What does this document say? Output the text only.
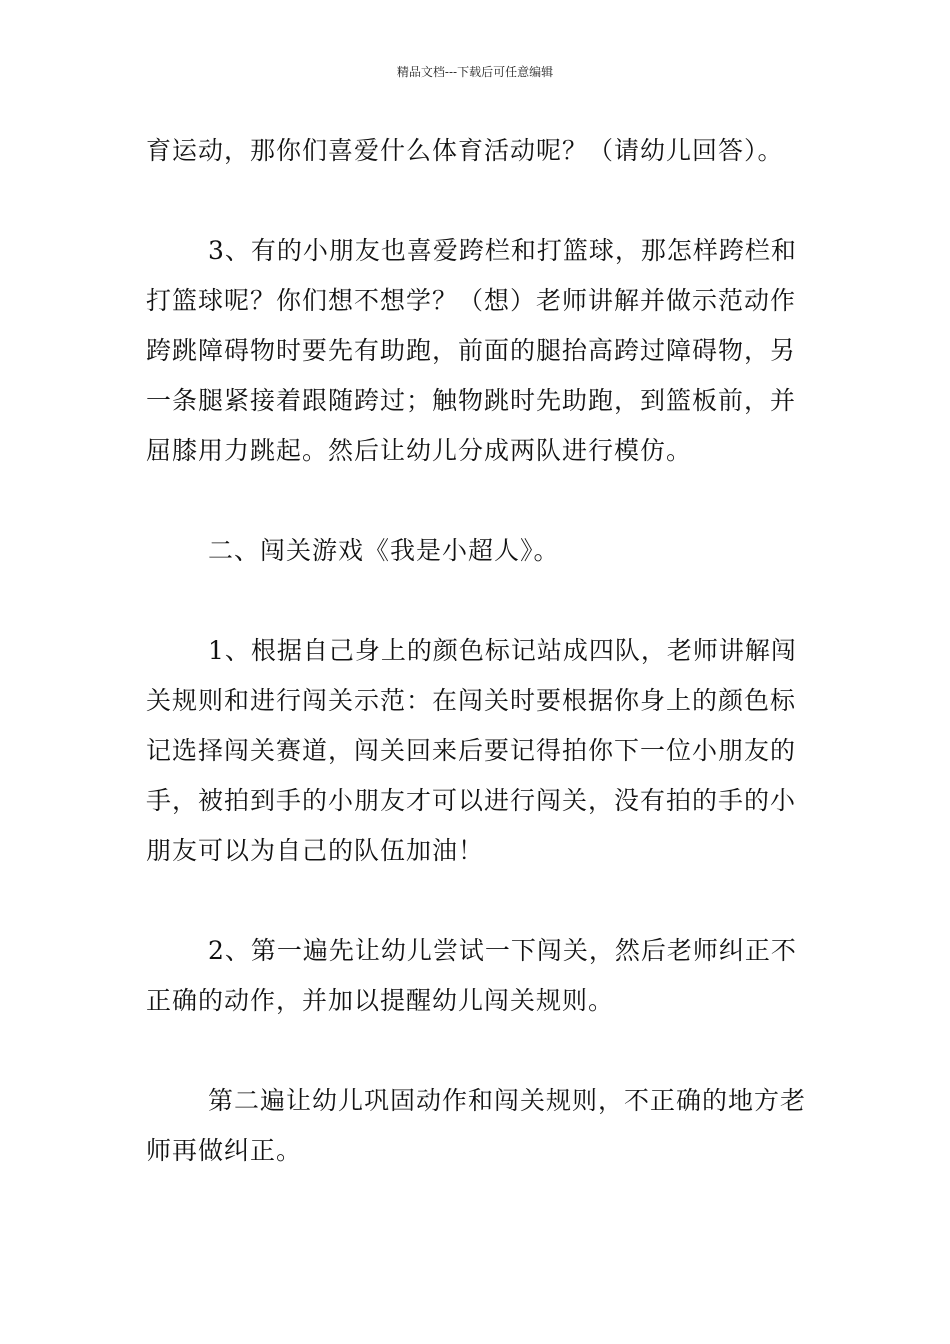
精品文档---下载后可任意编辑

育运动，那你们喜爱什么体育活动呢？（请幼儿回答）。

3、有的小朋友也喜爱跨栏和打篮球，那怎样跨栏和
打篮球呢？你们想不想学？（想）老师讲解并做示范动作
跨跳障碍物时要先有助跑，前面的腿抬高跨过障碍物，另
一条腿紧接着跟随跨过；触物跳时先助跑，到篮板前，并
屈膝用力跳起。然后让幼儿分成两队进行模仿。

二、闯关游戏《我是小超人》。

1、根据自己身上的颜色标记站成四队，老师讲解闯
关规则和进行闯关示范：在闯关时要根据你身上的颜色标
记选择闯关赛道，闯关回来后要记得拍你下一位小朋友的
手，被拍到手的小朋友才可以进行闯关，没有拍的手的小
朋友可以为自己的队伍加油！

2、第一遍先让幼儿尝试一下闯关，然后老师纠正不
正确的动作，并加以提醒幼儿闯关规则。

第二遍让幼儿巩固动作和闯关规则，不正确的地方老
师再做纠正。
